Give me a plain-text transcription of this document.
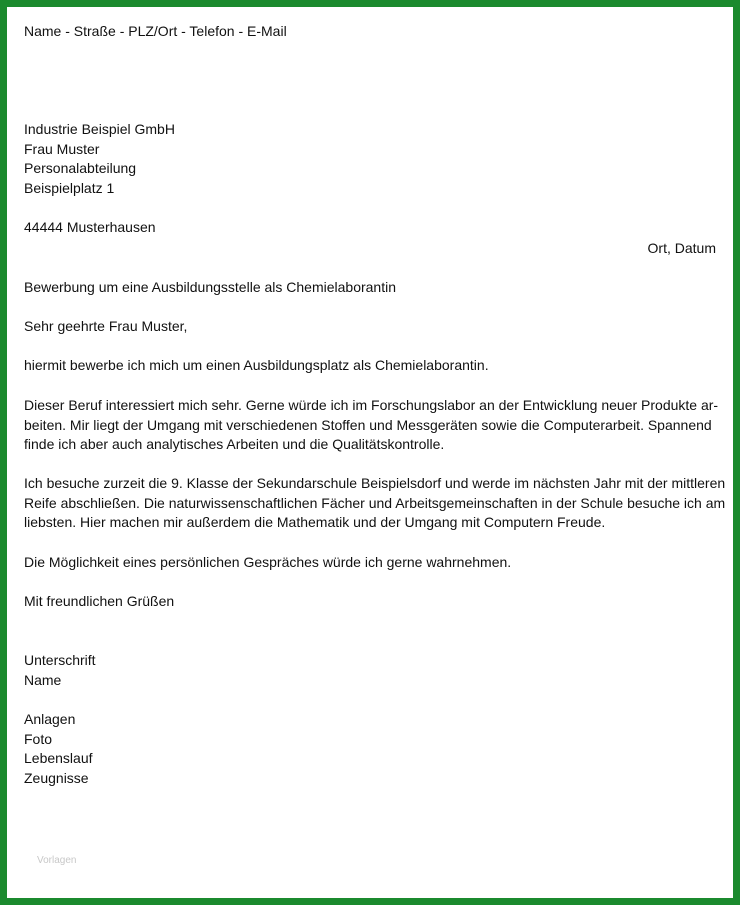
Name - Straße - PLZ/Ort - Telefon - E-Mail
Industrie Beispiel GmbH
Frau Muster
Personalabteilung
Beispielplatz 1
44444 Musterhausen
Ort, Datum
Bewerbung um eine Ausbildungsstelle als Chemielaborantin
Sehr geehrte Frau Muster,
hiermit bewerbe ich mich um einen Ausbildungsplatz als Chemielaborantin.
Dieser Beruf interessiert mich sehr. Gerne würde ich im Forschungslabor an der Entwicklung neuer Produkte ar-
beiten. Mir liegt der Umgang mit verschiedenen Stoffen und Messgeräten sowie die Computerarbeit. Spannend
finde ich aber auch analytisches Arbeiten und die Qualitätskontrolle.
Ich besuche zurzeit die 9. Klasse der Sekundarschule Beispielsdorf und werde im nächsten Jahr mit der mittleren
Reife abschließen. Die naturwissenschaftlichen Fächer und Arbeitsgemeinschaften in der Schule besuche ich am
liebsten. Hier machen mir außerdem die Mathematik und der Umgang mit Computern Freude.
Die Möglichkeit eines persönlichen Gespräches würde ich gerne wahrnehmen.
Mit freundlichen Grüßen
Unterschrift
Name
Anlagen
Foto
Lebenslauf
Zeugnisse
Vorlagen
